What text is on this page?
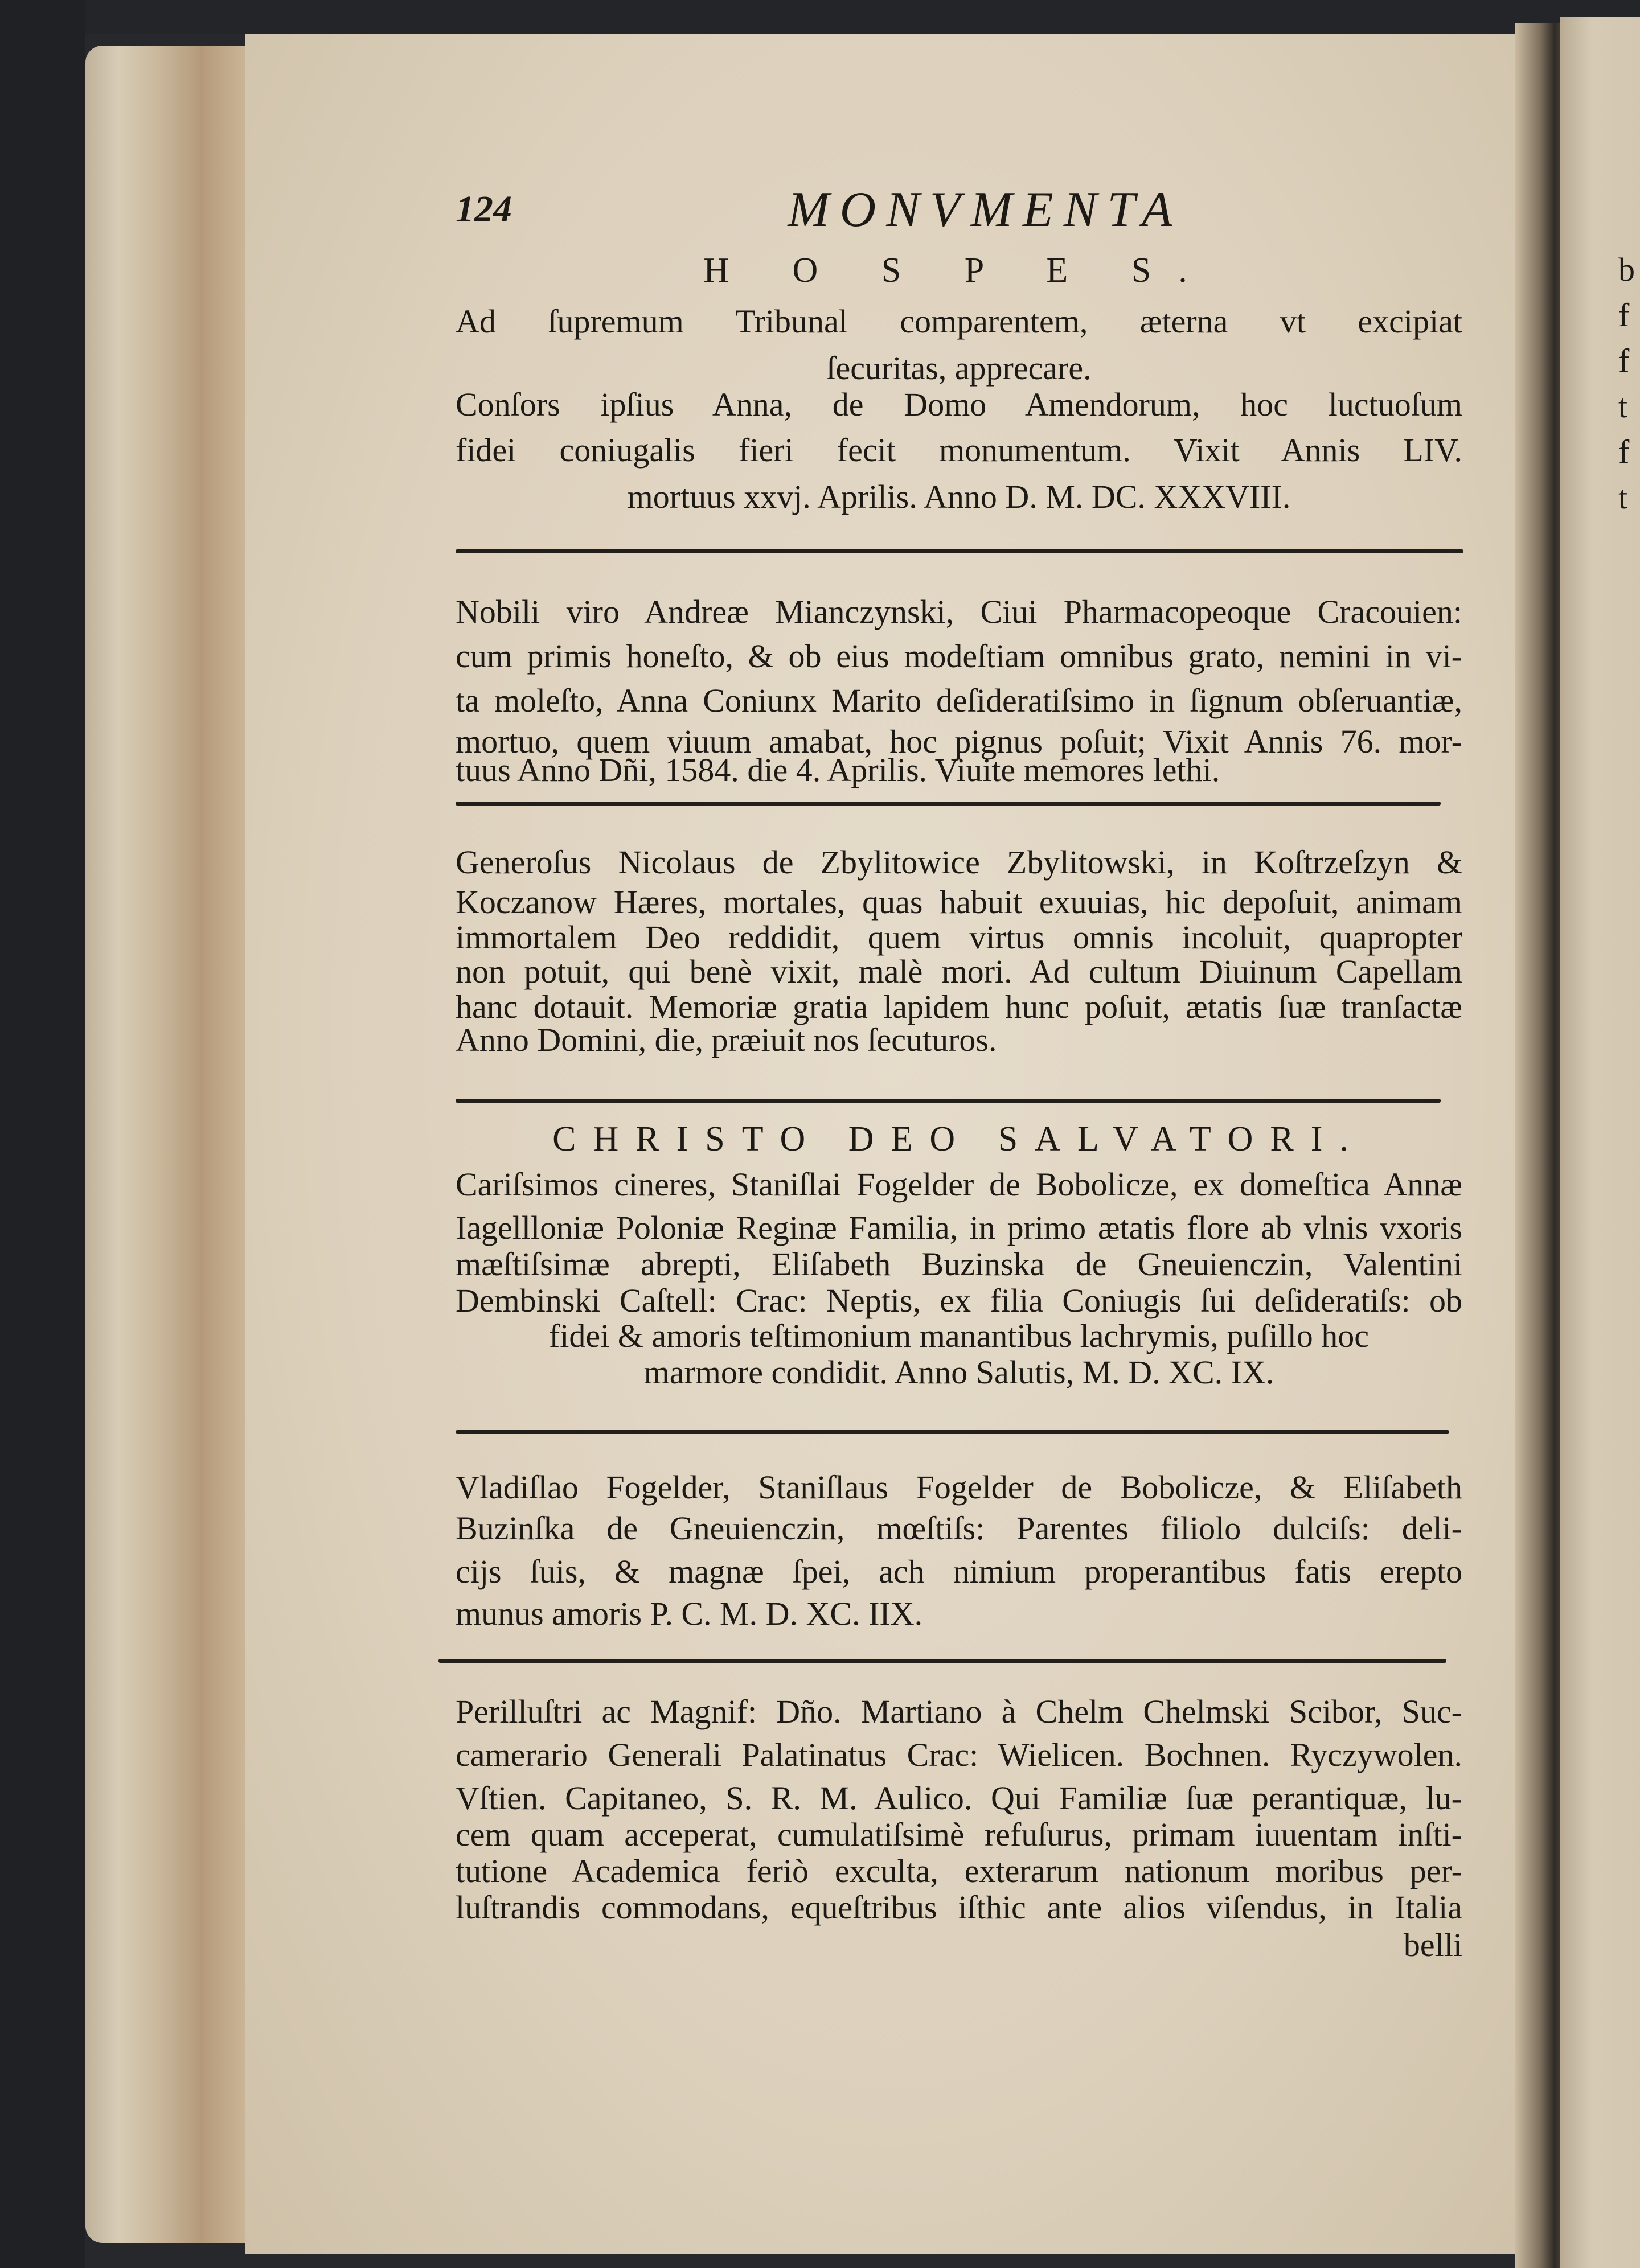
124	MONVMENTA
H O S P E S.
Ad ſupremum Tribunal comparentem, æterna vt excipiat
ſecuritas, apprecare.
Conſors ipſius Anna, de Domo Amendorum, hoc luctuoſum
fidei coniugalis fieri fecit monumentum. Vixit Annis LIV.
mortuus xxvj. Aprilis. Anno D. M. DC. XXXVIII.
Nobili viro Andreæ Mianczynski, Ciui Pharmacopeoque Cracouien:
cum primis honeſto, & ob eius modeſtiam omnibus grato, nemini in vi-
ta moleſto, Anna Coniunx Marito deſideratiſsimo in ſignum obſeruantiæ,
mortuo, quem viuum amabat, hoc pignus poſuit; Vixit Annis 76. mor-
tuus Anno Dñi, 1584. die 4. Aprilis. Viuite memores lethi.
Generoſus Nicolaus de Zbylitowice Zbylitowski, in Koſtrzeſzyn &
Koczanow Hæres, mortales, quas habuit exuuias, hic depoſuit, animam
immortalem Deo reddidit, quem virtus omnis incoluit, quapropter
non potuit, qui benè vixit, malè mori. Ad cultum Diuinum Capellam
hanc dotauit. Memoriæ gratia lapidem hunc poſuit, ætatis ſuæ tranſactæ
Anno Domini, die, præiuit nos ſecuturos.
CHRISTO DEO SALVATORI.
Cariſsimos cineres, Staniſlai Fogelder de Bobolicze, ex domeſtica Annæ
Iagellloniæ Poloniæ Reginæ Familia, in primo ætatis flore ab vlnis vxoris
mæſtiſsimæ abrepti, Eliſabeth Buzinska de Gneuienczin, Valentini
Dembinski Caſtell: Crac: Neptis, ex filia Coniugis ſui deſideratiſs: ob
fidei & amoris teſtimonium manantibus lachrymis, puſillo hoc
marmore condidit. Anno Salutis, M. D. XC. IX.
Vladiſlao Fogelder, Staniſlaus Fogelder de Bobolicze, & Eliſabeth
Buzinſka de Gneuienczin, mœſtiſs: Parentes filiolo dulciſs: deli-
cijs ſuis, & magnæ ſpei, ach nimium properantibus fatis erepto
munus amoris P. C. M. D. XC. IIX.
Perilluſtri ac Magnif: Dño. Martiano à Chelm Chelmski Scibor, Suc-
camerario Generali Palatinatus Crac: Wielicen. Bochnen. Ryczywolen.
Vſtien. Capitaneo, S. R. M. Aulico. Qui Familiæ ſuæ perantiquæ, lu-
cem quam acceperat, cumulatiſsimè refuſurus, primam iuuentam inſti-
tutione Academica feriò exculta, exterarum nationum moribus per-
luſtrandis commodans, equeſtribus iſthic ante alios viſendus, in Italia
belli
b
f
f
t
f
t
